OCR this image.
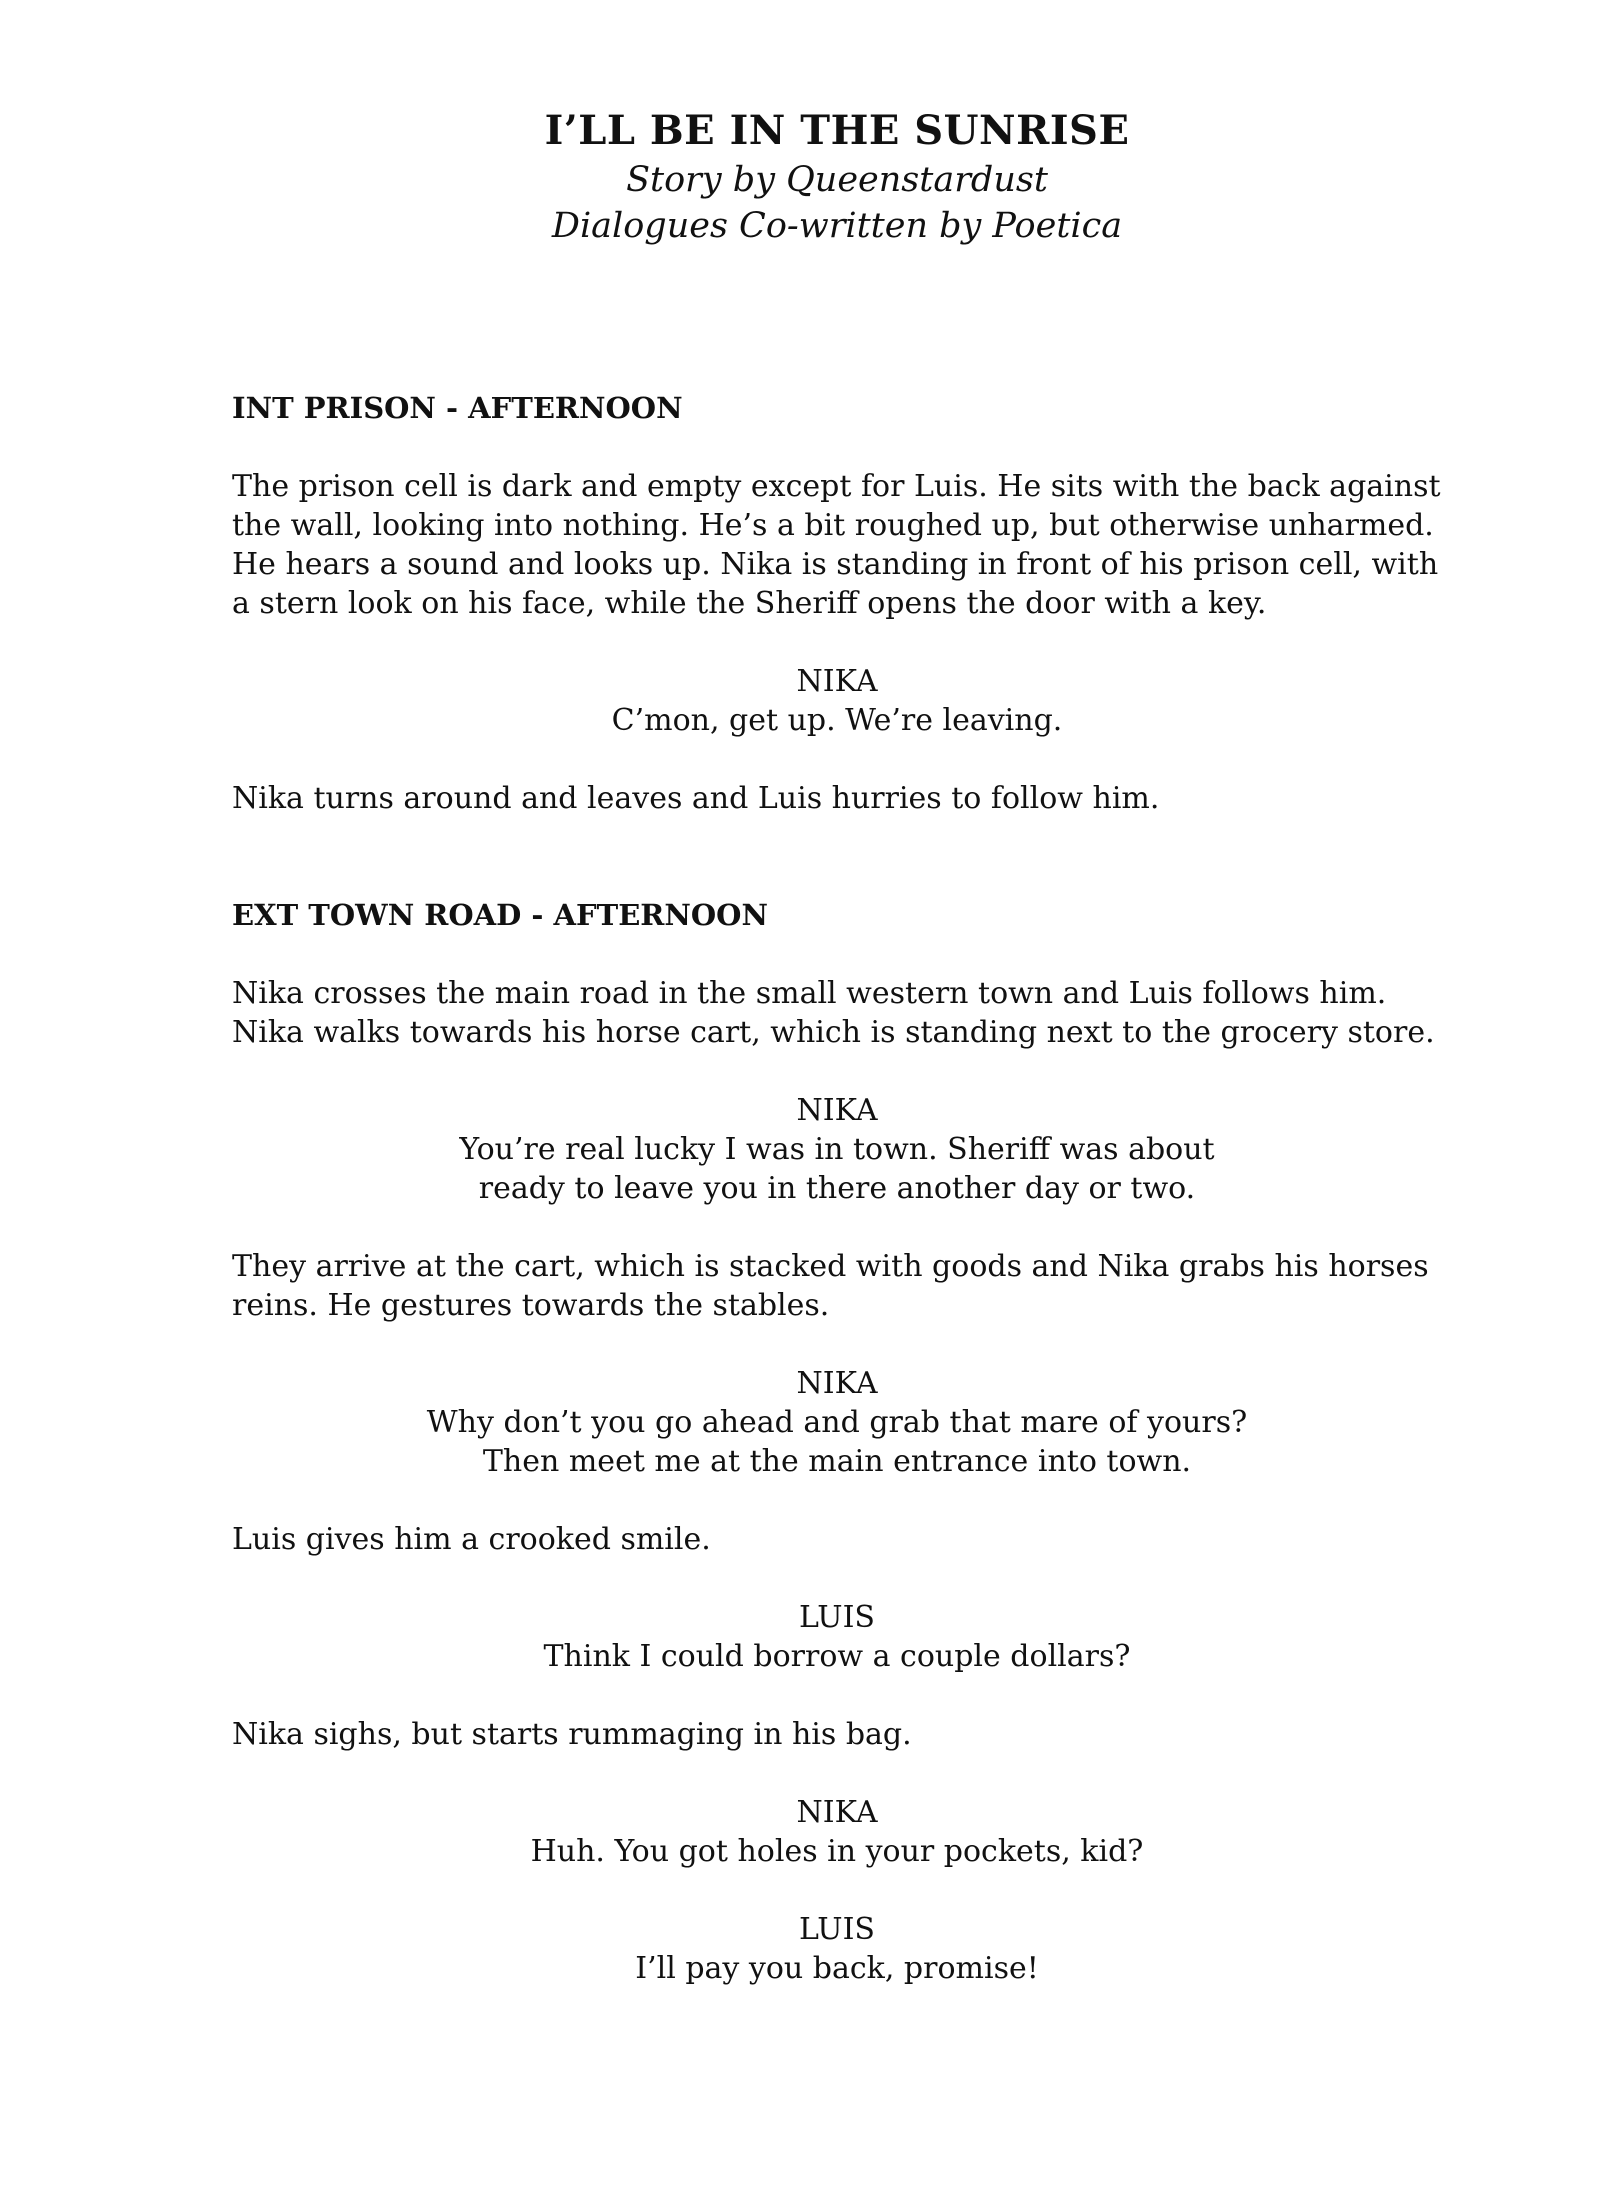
I’LL BE IN THE SUNRISE
Story by Queenstardust
Dialogues Co-written by Poetica
INT PRISON - AFTERNOON
The prison cell is dark and empty except for Luis. He sits with the back against the wall, looking into nothing. He’s a bit roughed up, but otherwise unharmed. He hears a sound and looks up. Nika is standing in front of his prison cell, with a stern look on his face, while the Sheriff opens the door with a key.
NIKA
C’mon, get up. We’re leaving.
Nika turns around and leaves and Luis hurries to follow him.
EXT TOWN ROAD - AFTERNOON
Nika crosses the main road in the small western town and Luis follows him. Nika walks towards his horse cart, which is standing next to the grocery store.
NIKA
You’re real lucky I was in town. Sheriff was about
ready to leave you in there another day or two.
They arrive at the cart, which is stacked with goods and Nika grabs his horses reins. He gestures towards the stables.
NIKA
Why don’t you go ahead and grab that mare of yours?
Then meet me at the main entrance into town.
Luis gives him a crooked smile.
LUIS
Think I could borrow a couple dollars?
Nika sighs, but starts rummaging in his bag.
NIKA
Huh. You got holes in your pockets, kid?
LUIS
I’ll pay you back, promise!
